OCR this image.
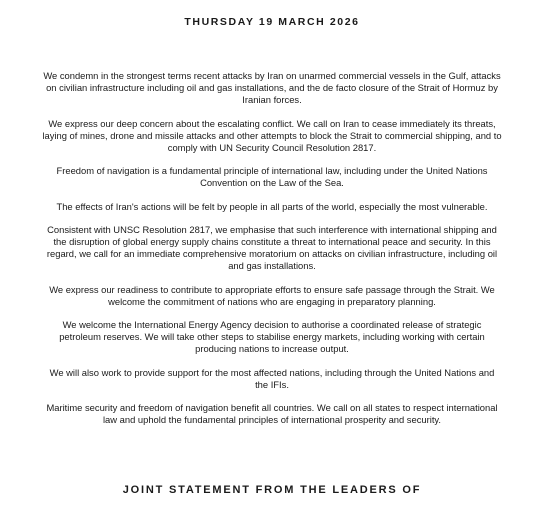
THURSDAY 19 MARCH 2026

We condemn in the strongest terms recent attacks by Iran on unarmed commercial vessels in the Gulf, attacks on civilian infrastructure including oil and gas installations, and the de facto closure of the Strait of Hormuz by Iranian forces.

We express our deep concern about the escalating conflict. We call on Iran to cease immediately its threats, laying of mines, drone and missile attacks and other attempts to block the Strait to commercial shipping, and to comply with UN Security Council Resolution 2817.

Freedom of navigation is a fundamental principle of international law, including under the United Nations Convention on the Law of the Sea.

The effects of Iran's actions will be felt by people in all parts of the world, especially the most vulnerable.

Consistent with UNSC Resolution 2817, we emphasise that such interference with international shipping and the disruption of global energy supply chains constitute a threat to international peace and security. In this regard, we call for an immediate comprehensive moratorium on attacks on civilian infrastructure, including oil and gas installations.

We express our readiness to contribute to appropriate efforts to ensure safe passage through the Strait. We welcome the commitment of nations who are engaging in preparatory planning.

We welcome the International Energy Agency decision to authorise a coordinated release of strategic petroleum reserves. We will take other steps to stabilise energy markets, including working with certain producing nations to increase output.

We will also work to provide support for the most affected nations, including through the United Nations and the IFIs.

Maritime security and freedom of navigation benefit all countries. We call on all states to respect international law and uphold the fundamental principles of international prosperity and security.

JOINT STATEMENT FROM THE LEADERS OF
